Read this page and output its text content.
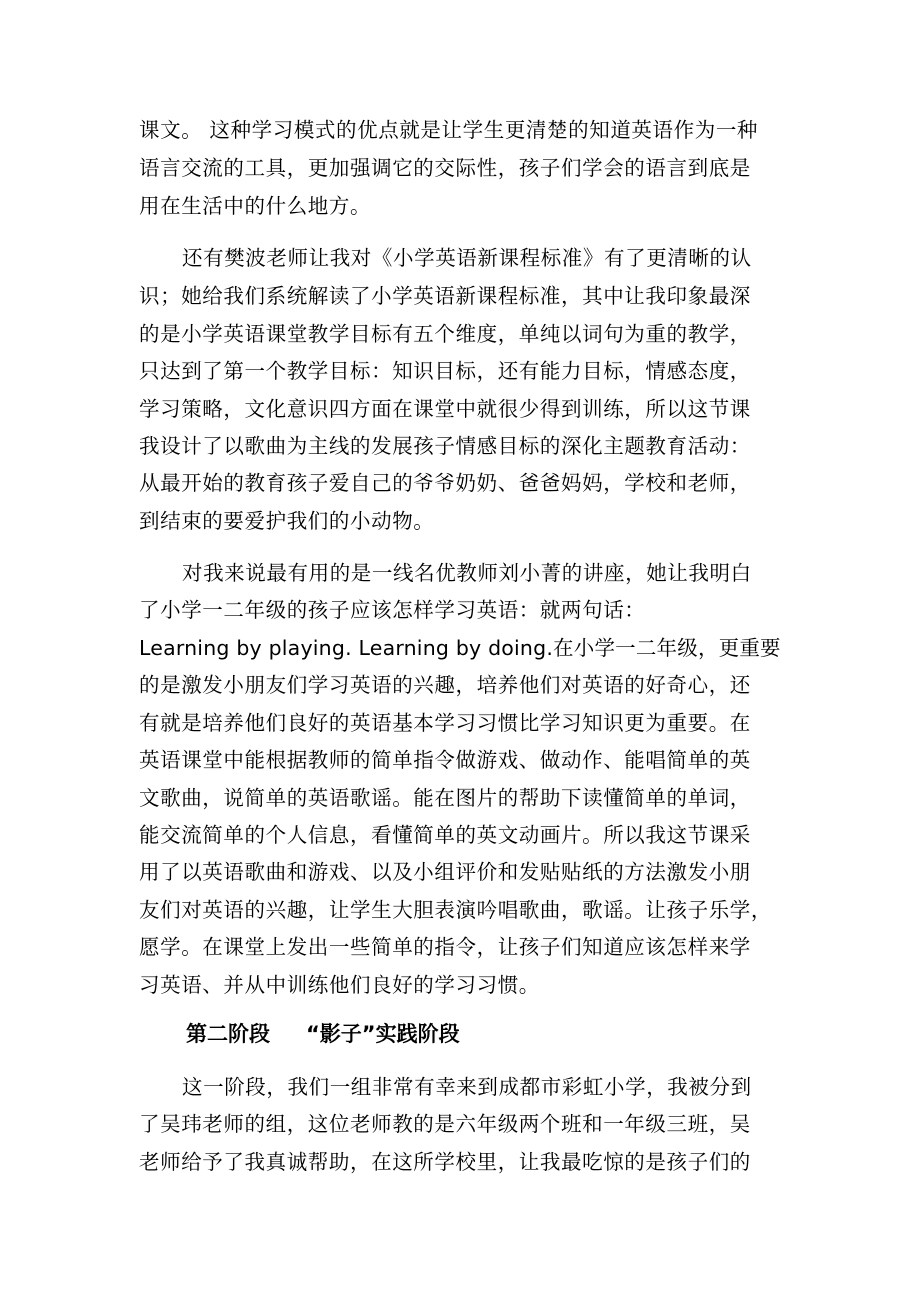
课文。 这种学习模式的优点就是让学生更清楚的知道英语作为一种
语言交流的工具，更加强调它的交际性，孩子们学会的语言到底是
用在生活中的什么地方。
还有樊波老师让我对《小学英语新课程标准》有了更清晰的认
识；她给我们系统解读了小学英语新课程标准，其中让我印象最深
的是小学英语课堂教学目标有五个维度，单纯以词句为重的教学，
只达到了第一个教学目标：知识目标，还有能力目标，情感态度，
学习策略，文化意识四方面在课堂中就很少得到训练，所以这节课
我设计了以歌曲为主线的发展孩子情感目标的深化主题教育活动：
从最开始的教育孩子爱自己的爷爷奶奶、爸爸妈妈，学校和老师，
到结束的要爱护我们的小动物。
对我来说最有用的是一线名优教师刘小菁的讲座，她让我明白
了小学一二年级的孩子应该怎样学习英语：就两句话：
Learning by playing. Learning by doing.在小学一二年级，更重要
的是激发小朋友们学习英语的兴趣，培养他们对英语的好奇心，还
有就是培养他们良好的英语基本学习习惯比学习知识更为重要。在
英语课堂中能根据教师的简单指令做游戏、做动作、能唱简单的英
文歌曲，说简单的英语歌谣。能在图片的帮助下读懂简单的单词，
能交流简单的个人信息，看懂简单的英文动画片。所以我这节课采
用了以英语歌曲和游戏、以及小组评价和发贴贴纸的方法激发小朋
友们对英语的兴趣，让学生大胆表演吟唱歌曲，歌谣。让孩子乐学，
愿学。在课堂上发出一些简单的指令，让孩子们知道应该怎样来学
习英语、并从中训练他们良好的学习习惯。
第二阶段 “影子”实践阶段
这一阶段，我们一组非常有幸来到成都市彩虹小学，我被分到
了吴玮老师的组，这位老师教的是六年级两个班和一年级三班，吴
老师给予了我真诚帮助，在这所学校里，让我最吃惊的是孩子们的
